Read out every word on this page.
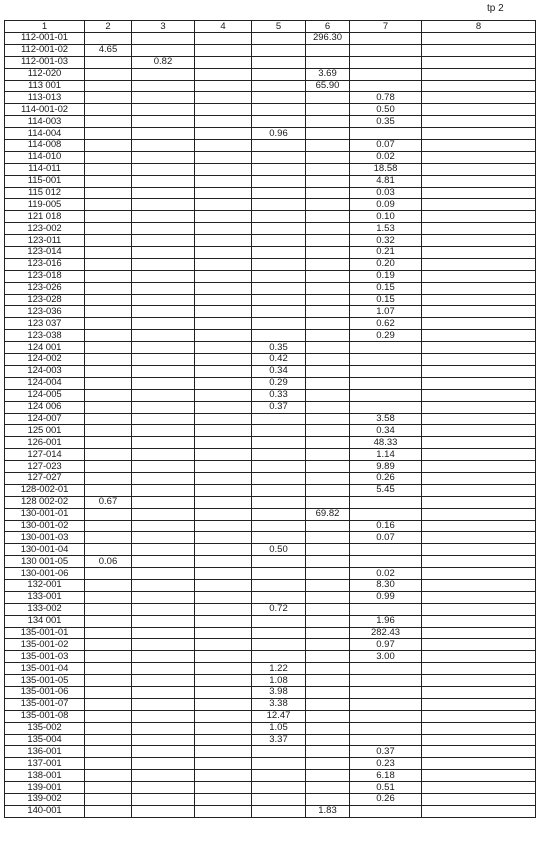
tp 2
1	2	3	4	5	6	7	8
112-001-01					296.30		
112-001-02	4.65						
112-001-03		0.82					
112-020					3.69		
113 001					65.90		
113-013						0.78	
114-001-02						0.50	
114-003						0.35	
114-004				0.96			
114-008						0.07	
114-010						0.02	
114-011						18.58	
115-001						4.81	
115 012						0.03	
119-005						0.09	
121 018						0.10	
123-002						1.53	
123-011						0.32	
123-014						0.21	
123-016						0.20	
123-018						0.19	
123-026						0.15	
123-028						0.15	
123-036						1.07	
123 037						0.62	
123-038						0.29	
124 001				0.35			
124-002				0.42			
124-003				0.34			
124-004				0.29			
124-005				0.33			
124 006				0.37			
124-007						3.58	
125 001						0.34	
126-001						48.33	
127-014						1.14	
127-023						9.89	
127-027						0.26	
128-002-01						5.45	
128 002-02	0.67						
130-001-01					69.82		
130-001-02						0.16	
130-001-03						0.07	
130-001-04				0.50			
130 001-05	0.06						
130-001-06						0.02	
132-001						8.30	
133-001						0.99	
133-002				0.72			
134 001						1.96	
135-001-01						282.43	
135-001-02						0.97	
135-001-03						3.00	
135-001-04				1.22			
135-001-05				1.08			
135-001-06				3.98			
135-001-07				3.38			
135-001-08				12.47			
135-002				1.05			
135-004				3.37			
136-001						0.37	
137-001						0.23	
138-001						6.18	
139-001						0.51	
139-002						0.26	
140-001					1.83		
